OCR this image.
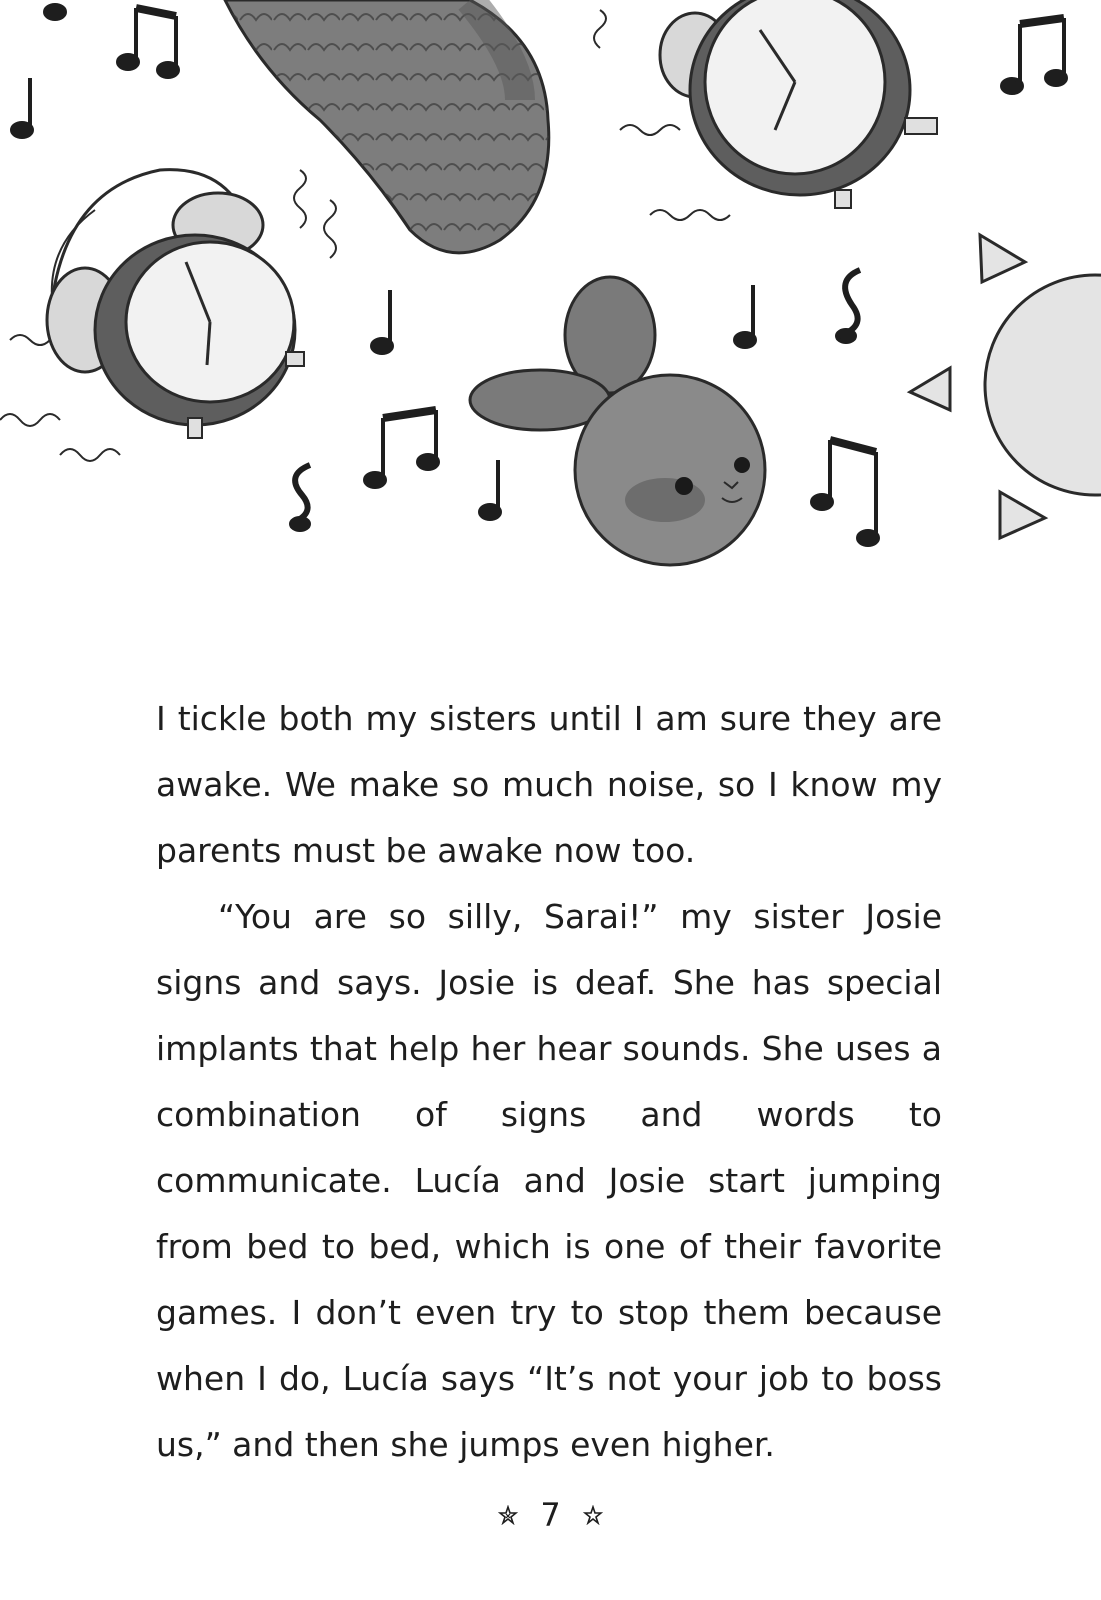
I tickle both my sisters until I am sure they are awake. We make so much noise, so I know my parents must be awake now too.

“You are so silly, Sarai!” my sister Josie signs and says. Josie is deaf. She has special implants that help her hear sounds. She uses a combination of signs and words to communicate. Lucía and Josie start jumping from bed to bed, which is one of their favorite games. I don’t even try to stop them because when I do, Lucía says “It’s not your job to boss us,” and then she jumps even higher.

7
